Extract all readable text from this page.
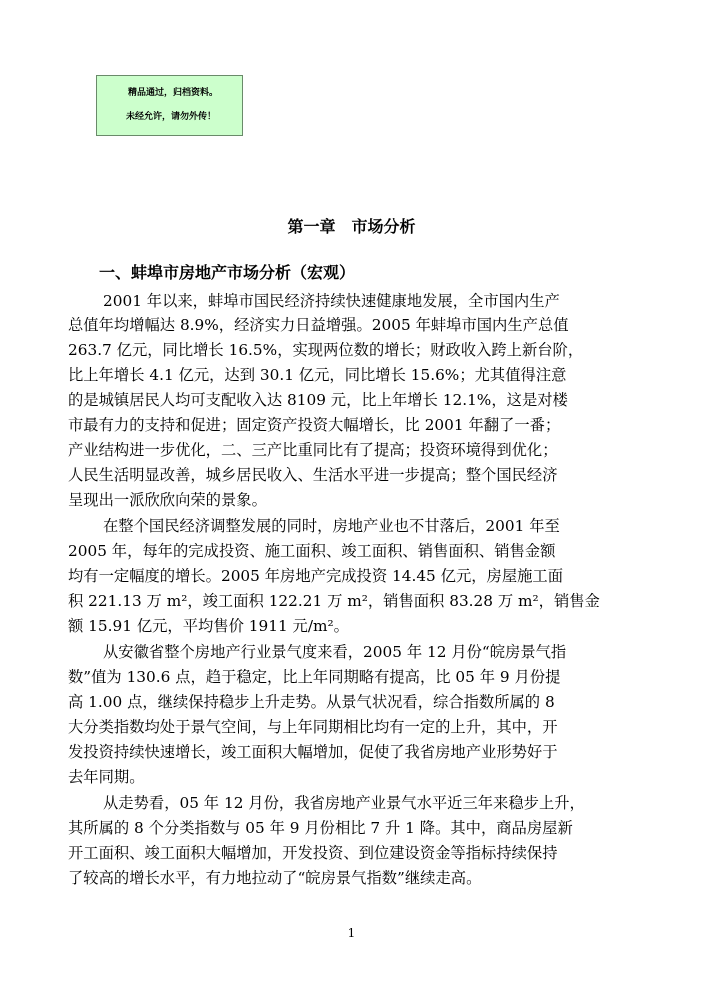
精品通过，归档资料。
未经允许，请勿外传！
第一章　市场分析
一、蚌埠市房地产市场分析（宏观）
2001 年以来，蚌埠市国民经济持续快速健康地发展，全市国内生产
总值年均增幅达 8.9%，经济实力日益增强。2005 年蚌埠市国内生产总值
263.7 亿元，同比增长 16.5%，实现两位数的增长；财政收入跨上新台阶，
比上年增长 4.1 亿元，达到 30.1 亿元，同比增长 15.6%；尤其值得注意
的是城镇居民人均可支配收入达 8109 元，比上年增长 12.1%，这是对楼
市最有力的支持和促进；固定资产投资大幅增长，比 2001 年翻了一番；
产业结构进一步优化，二、三产比重同比有了提高；投资环境得到优化；
人民生活明显改善，城乡居民收入、生活水平进一步提高；整个国民经济
呈现出一派欣欣向荣的景象。
在整个国民经济调整发展的同时，房地产业也不甘落后，2001 年至
2005 年，每年的完成投资、施工面积、竣工面积、销售面积、销售金额
均有一定幅度的增长。2005 年房地产完成投资 14.45 亿元，房屋施工面
积 221.13 万 m²，竣工面积 122.21 万 m²，销售面积 83.28 万 m²，销售金
额 15.91 亿元，平均售价 1911 元/m²。
从安徽省整个房地产行业景气度来看，2005 年 12 月份“皖房景气指
数”值为 130.6 点，趋于稳定，比上年同期略有提高，比 05 年 9 月份提
高 1.00 点，继续保持稳步上升走势。从景气状况看，综合指数所属的 8
大分类指数均处于景气空间，与上年同期相比均有一定的上升，其中，开
发投资持续快速增长，竣工面积大幅增加，促使了我省房地产业形势好于
去年同期。
从走势看，05 年 12 月份，我省房地产业景气水平近三年来稳步上升，
其所属的 8 个分类指数与 05 年 9 月份相比 7 升 1 降。其中，商品房屋新
开工面积、竣工面积大幅增加，开发投资、到位建设资金等指标持续保持
了较高的增长水平，有力地拉动了“皖房景气指数”继续走高。
1
